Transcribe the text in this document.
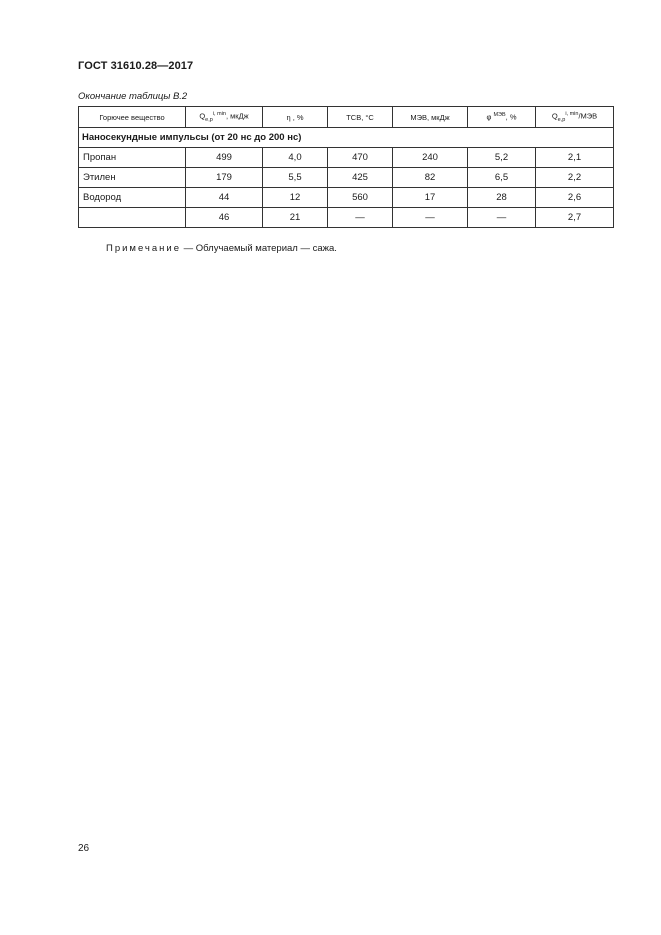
ГОСТ 31610.28—2017
Окончание таблицы В.2
Горючее вещество	$Q_{e,p}^{i, min}$, мкДж	η , %	ТСВ, °С	МЭВ, мкДж	φ $^{МЭВ}$, %	$Q_{e,p}^{i, min}$/МЭВ
Наносекундные импульсы (от 20 нс до 200 нс)						
Пропан	499	4,0	470	240	5,2	2,1
Этилен	179	5,5	425	82	6,5	2,2
Водород	44	12	560	17	28	2,6
	46	21	—	—	—	2,7
Примечание — Облучаемый материал — сажа.
26
